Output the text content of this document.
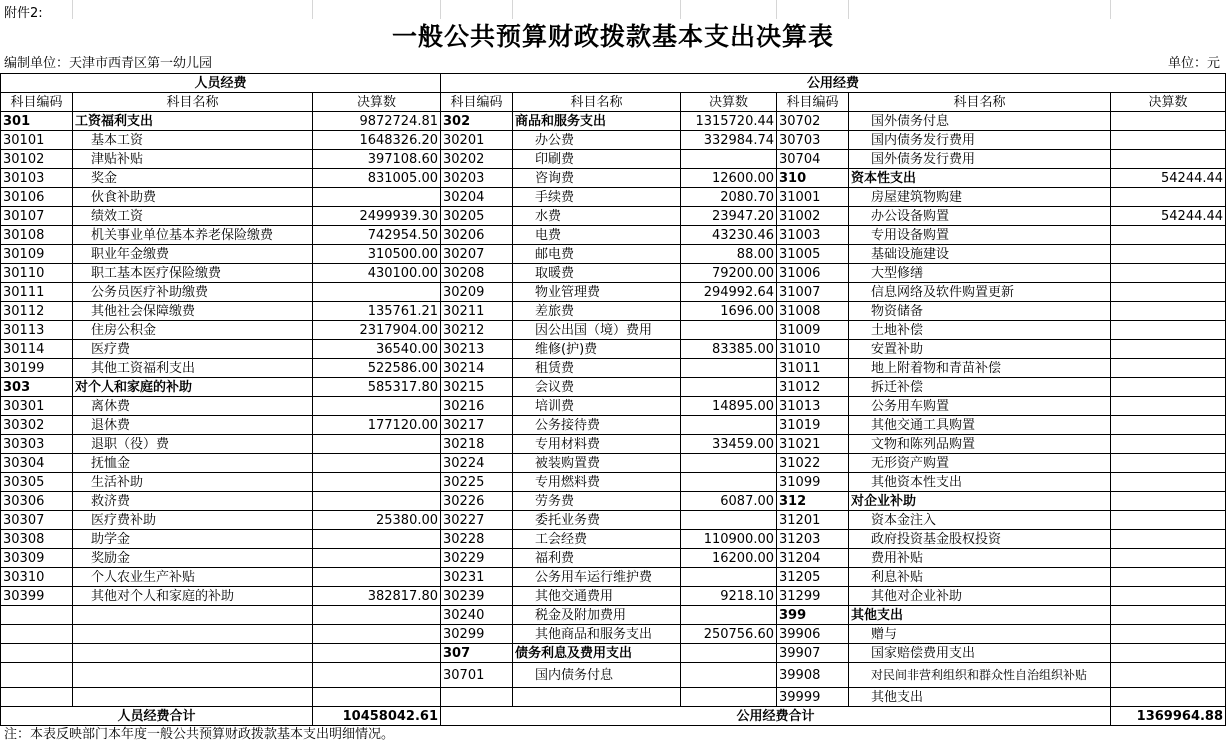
附件2:
一般公共预算财政拨款基本支出决算表
编制单位：天津市西青区第一幼儿园	单位：元
人员经费			公用经费					
科目编码	科目名称	决算数	科目编码	科目名称	决算数	科目编码	科目名称	决算数
301	工资福利支出	9872724.81	302	商品和服务支出	1315720.44	30702	国外债务付息	
30101	基本工资	1648326.20	30201	办公费	332984.74	30703	国内债务发行费用	
30102	津贴补贴	397108.60	30202	印刷费		30704	国外债务发行费用	
30103	奖金	831005.00	30203	咨询费	12600.00	310	资本性支出	54244.44
30106	伙食补助费		30204	手续费	2080.70	31001	房屋建筑物购建	
30107	绩效工资	2499939.30	30205	水费	23947.20	31002	办公设备购置	54244.44
30108	机关事业单位基本养老保险缴费	742954.50	30206	电费	43230.46	31003	专用设备购置	
30109	职业年金缴费	310500.00	30207	邮电费	88.00	31005	基础设施建设	
30110	职工基本医疗保险缴费	430100.00	30208	取暖费	79200.00	31006	大型修缮	
30111	公务员医疗补助缴费		30209	物业管理费	294992.64	31007	信息网络及软件购置更新	
30112	其他社会保障缴费	135761.21	30211	差旅费	1696.00	31008	物资储备	
30113	住房公积金	2317904.00	30212	因公出国（境）费用		31009	土地补偿	
30114	医疗费	36540.00	30213	维修(护)费	83385.00	31010	安置补助	
30199	其他工资福利支出	522586.00	30214	租赁费		31011	地上附着物和青苗补偿	
303	对个人和家庭的补助	585317.80	30215	会议费		31012	拆迁补偿	
30301	离休费		30216	培训费	14895.00	31013	公务用车购置	
30302	退休费	177120.00	30217	公务接待费		31019	其他交通工具购置	
30303	退职（役）费		30218	专用材料费	33459.00	31021	文物和陈列品购置	
30304	抚恤金		30224	被装购置费		31022	无形资产购置	
30305	生活补助		30225	专用燃料费		31099	其他资本性支出	
30306	救济费		30226	劳务费	6087.00	312	对企业补助	
30307	医疗费补助	25380.00	30227	委托业务费		31201	资本金注入	
30308	助学金		30228	工会经费	110900.00	31203	政府投资基金股权投资	
30309	奖励金		30229	福利费	16200.00	31204	费用补贴	
30310	个人农业生产补贴		30231	公务用车运行维护费		31205	利息补贴	
30399	其他对个人和家庭的补助	382817.80	30239	其他交通费用	9218.10	31299	其他对企业补助	
			30240	税金及附加费用		399	其他支出	
			30299	其他商品和服务支出	250756.60	39906	赠与	
			307	债务利息及费用支出		39907	国家赔偿费用支出	
			30701	国内债务付息		39908	对民间非营利组织和群众性自治组织补贴	
						39999	其他支出	
人员经费合计		10458042.61	公用经费合计					1369964.88
注：本表反映部门本年度一般公共预算财政拨款基本支出明细情况。
